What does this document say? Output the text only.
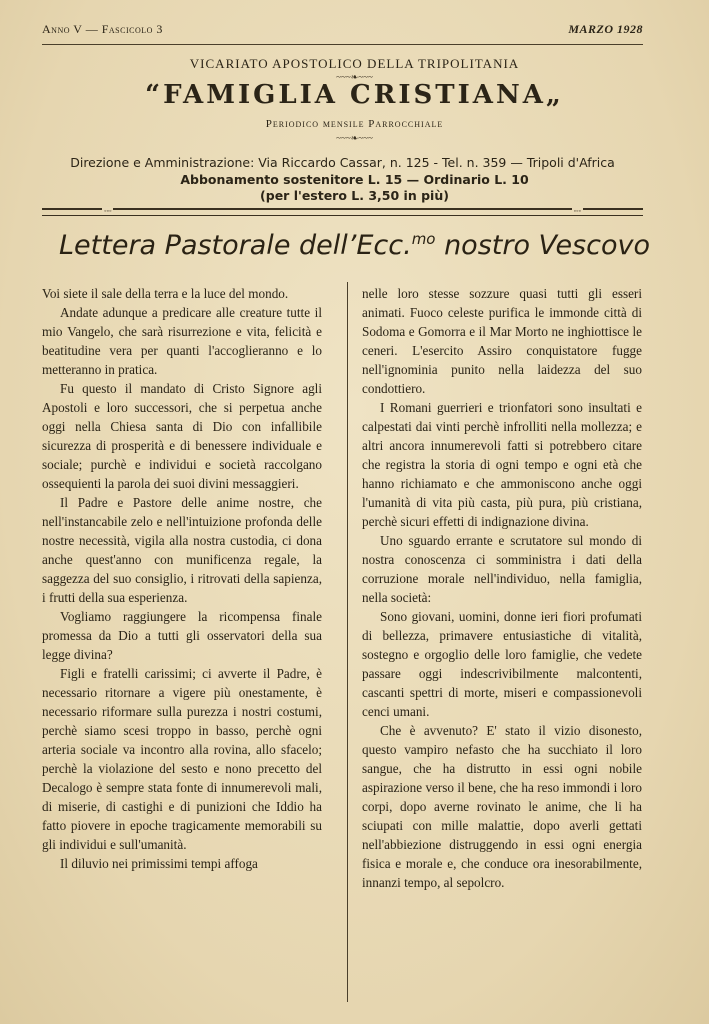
Anno V — Fascicolo 3	MARZO 1928
VICARIATO APOSTOLICO DELLA TRIPOLITANIA
~~~❧~~~
“FAMIGLIA CRISTIANA„
Periodico mensile Parrocchiale
~~~❧~~~
Direzione e Amministrazione: Via Riccardo Cassar, n. 125 - Tel. n. 359 — Tripoli d'Africa
Abbonamento sostenitore L. 15 — Ordinario L. 10
(per l'estero L. 3,50 in più)
◦◦◦	◦◦◦
Lettera Pastorale dell’Ecc.$^{mo}$ nostro Vescovo

Voi siete il sale della terra e la luce del mondo.

Andate adunque a predicare alle creature tutte il mio Vangelo, che sarà risurrezione e vita, felicità e beatitudine vera per quanti l'accoglieranno e lo metteranno in pratica.

Fu questo il mandato di Cristo Signore agli Apostoli e loro successori, che si perpetua anche oggi nella Chiesa santa di Dio con infallibile sicurezza di prosperità e di benessere individuale e sociale; purchè e individui e società raccolgano ossequienti la parola dei suoi divini messaggieri.

Il Padre e Pastore delle anime nostre, che nell'instancabile zelo e nell'intuizione profonda delle nostre necessità, vigila alla nostra custodia, ci dona anche quest'anno con munificenza regale, la saggezza del suo consiglio, i ritrovati della sapienza, i frutti della sua esperienza.

Vogliamo raggiungere la ricompensa finale promessa da Dio a tutti gli osservatori della sua legge divina?

Figli e fratelli carissimi; ci avverte il Padre, è necessario ritornare a vigere più onestamente, è necessario riformare sulla purezza i nostri costumi, perchè siamo scesi troppo in basso, perchè ogni arteria sociale va incontro alla rovina, allo sfacelo; perchè la violazione del sesto e nono precetto del Decalogo è sempre stata fonte di innumerevoli mali, di miserie, di castighi e di punizioni che Iddio ha fatto piovere in epoche tragicamente memorabili su gli individui e sull'umanità.

Il diluvio nei primissimi tempi affoga

nelle loro stesse sozzure quasi tutti gli esseri animati. Fuoco celeste purifica le immonde città di Sodoma e Gomorra e il Mar Morto ne inghiottisce le ceneri. L'esercito Assiro conquistatore fugge nell'ignominia punito nella laidezza del suo condottiero.

I Romani guerrieri e trionfatori sono insultati e calpestati dai vinti perchè infrolliti nella mollezza; e altri ancora innumerevoli fatti si potrebbero citare che registra la storia di ogni tempo e ogni età che hanno richiamato e che ammoniscono anche oggi l'umanità di vita più casta, più pura, più cristiana, perchè sicuri effetti di indignazione divina.

Uno sguardo errante e scrutatore sul mondo di nostra conoscenza ci somministra i dati della corruzione morale nell'individuo, nella famiglia, nella società:

Sono giovani, uomini, donne ieri fiori profumati di bellezza, primavere entusiastiche di vitalità, sostegno e orgoglio delle loro famiglie, che vedete passare oggi indescrivibilmente malcontenti, cascanti spettri di morte, miseri e compassionevoli cenci umani.

Che è avvenuto? E' stato il vizio disonesto, questo vampiro nefasto che ha succhiato il loro sangue, che ha distrutto in essi ogni nobile aspirazione verso il bene, che ha reso immondi i loro corpi, dopo averne rovinato le anime, che li ha sciupati con mille malattie, dopo averli gettati nell'abbiezione distruggendo in essi ogni energia fisica e morale e, che conduce ora inesorabilmente, innanzi tempo, al sepolcro.
